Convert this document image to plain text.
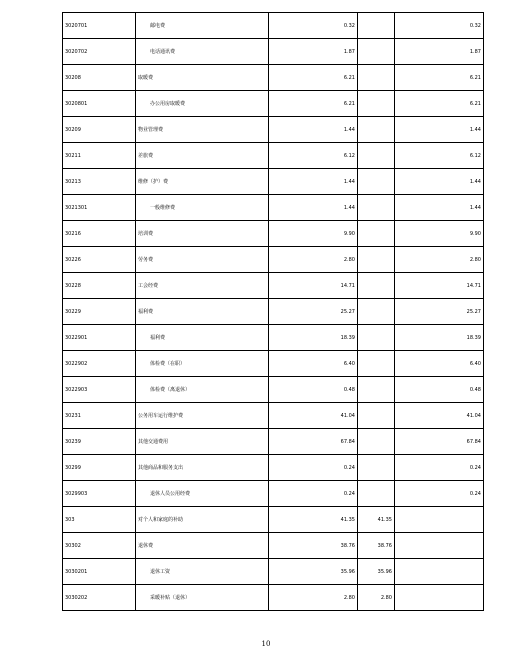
3020701	邮电费	0.32		0.32
3020702	电话通讯费	1.87		1.87
30208	取暖费	6.21		6.21
3020801	办公用房取暖费	6.21		6.21
30209	物业管理费	1.44		1.44
30211	差旅费	6.12		6.12
30213	维修（护）费	1.44		1.44
3021301	一般维修费	1.44		1.44
30216	培训费	9.90		9.90
30226	劳务费	2.80		2.80
30228	工会经费	14.71		14.71
30229	福利费	25.27		25.27
3022901	福利费	18.39		18.39
3022902	体检费（在职）	6.40		6.40
3022903	体检费（离退休）	0.48		0.48
30231	公务用车运行维护费	41.04		41.04
30239	其他交通费用	67.84		67.84
30299	其他商品和服务支出	0.24		0.24
3029903	退休人员公用经费	0.24		0.24
303	对个人和家庭的补助	41.35	41.35	
30302	退休费	38.76	38.76	
3030201	退休工资	35.96	35.96	
3030202	采暖补贴（退休）	2.80	2.80	
10
